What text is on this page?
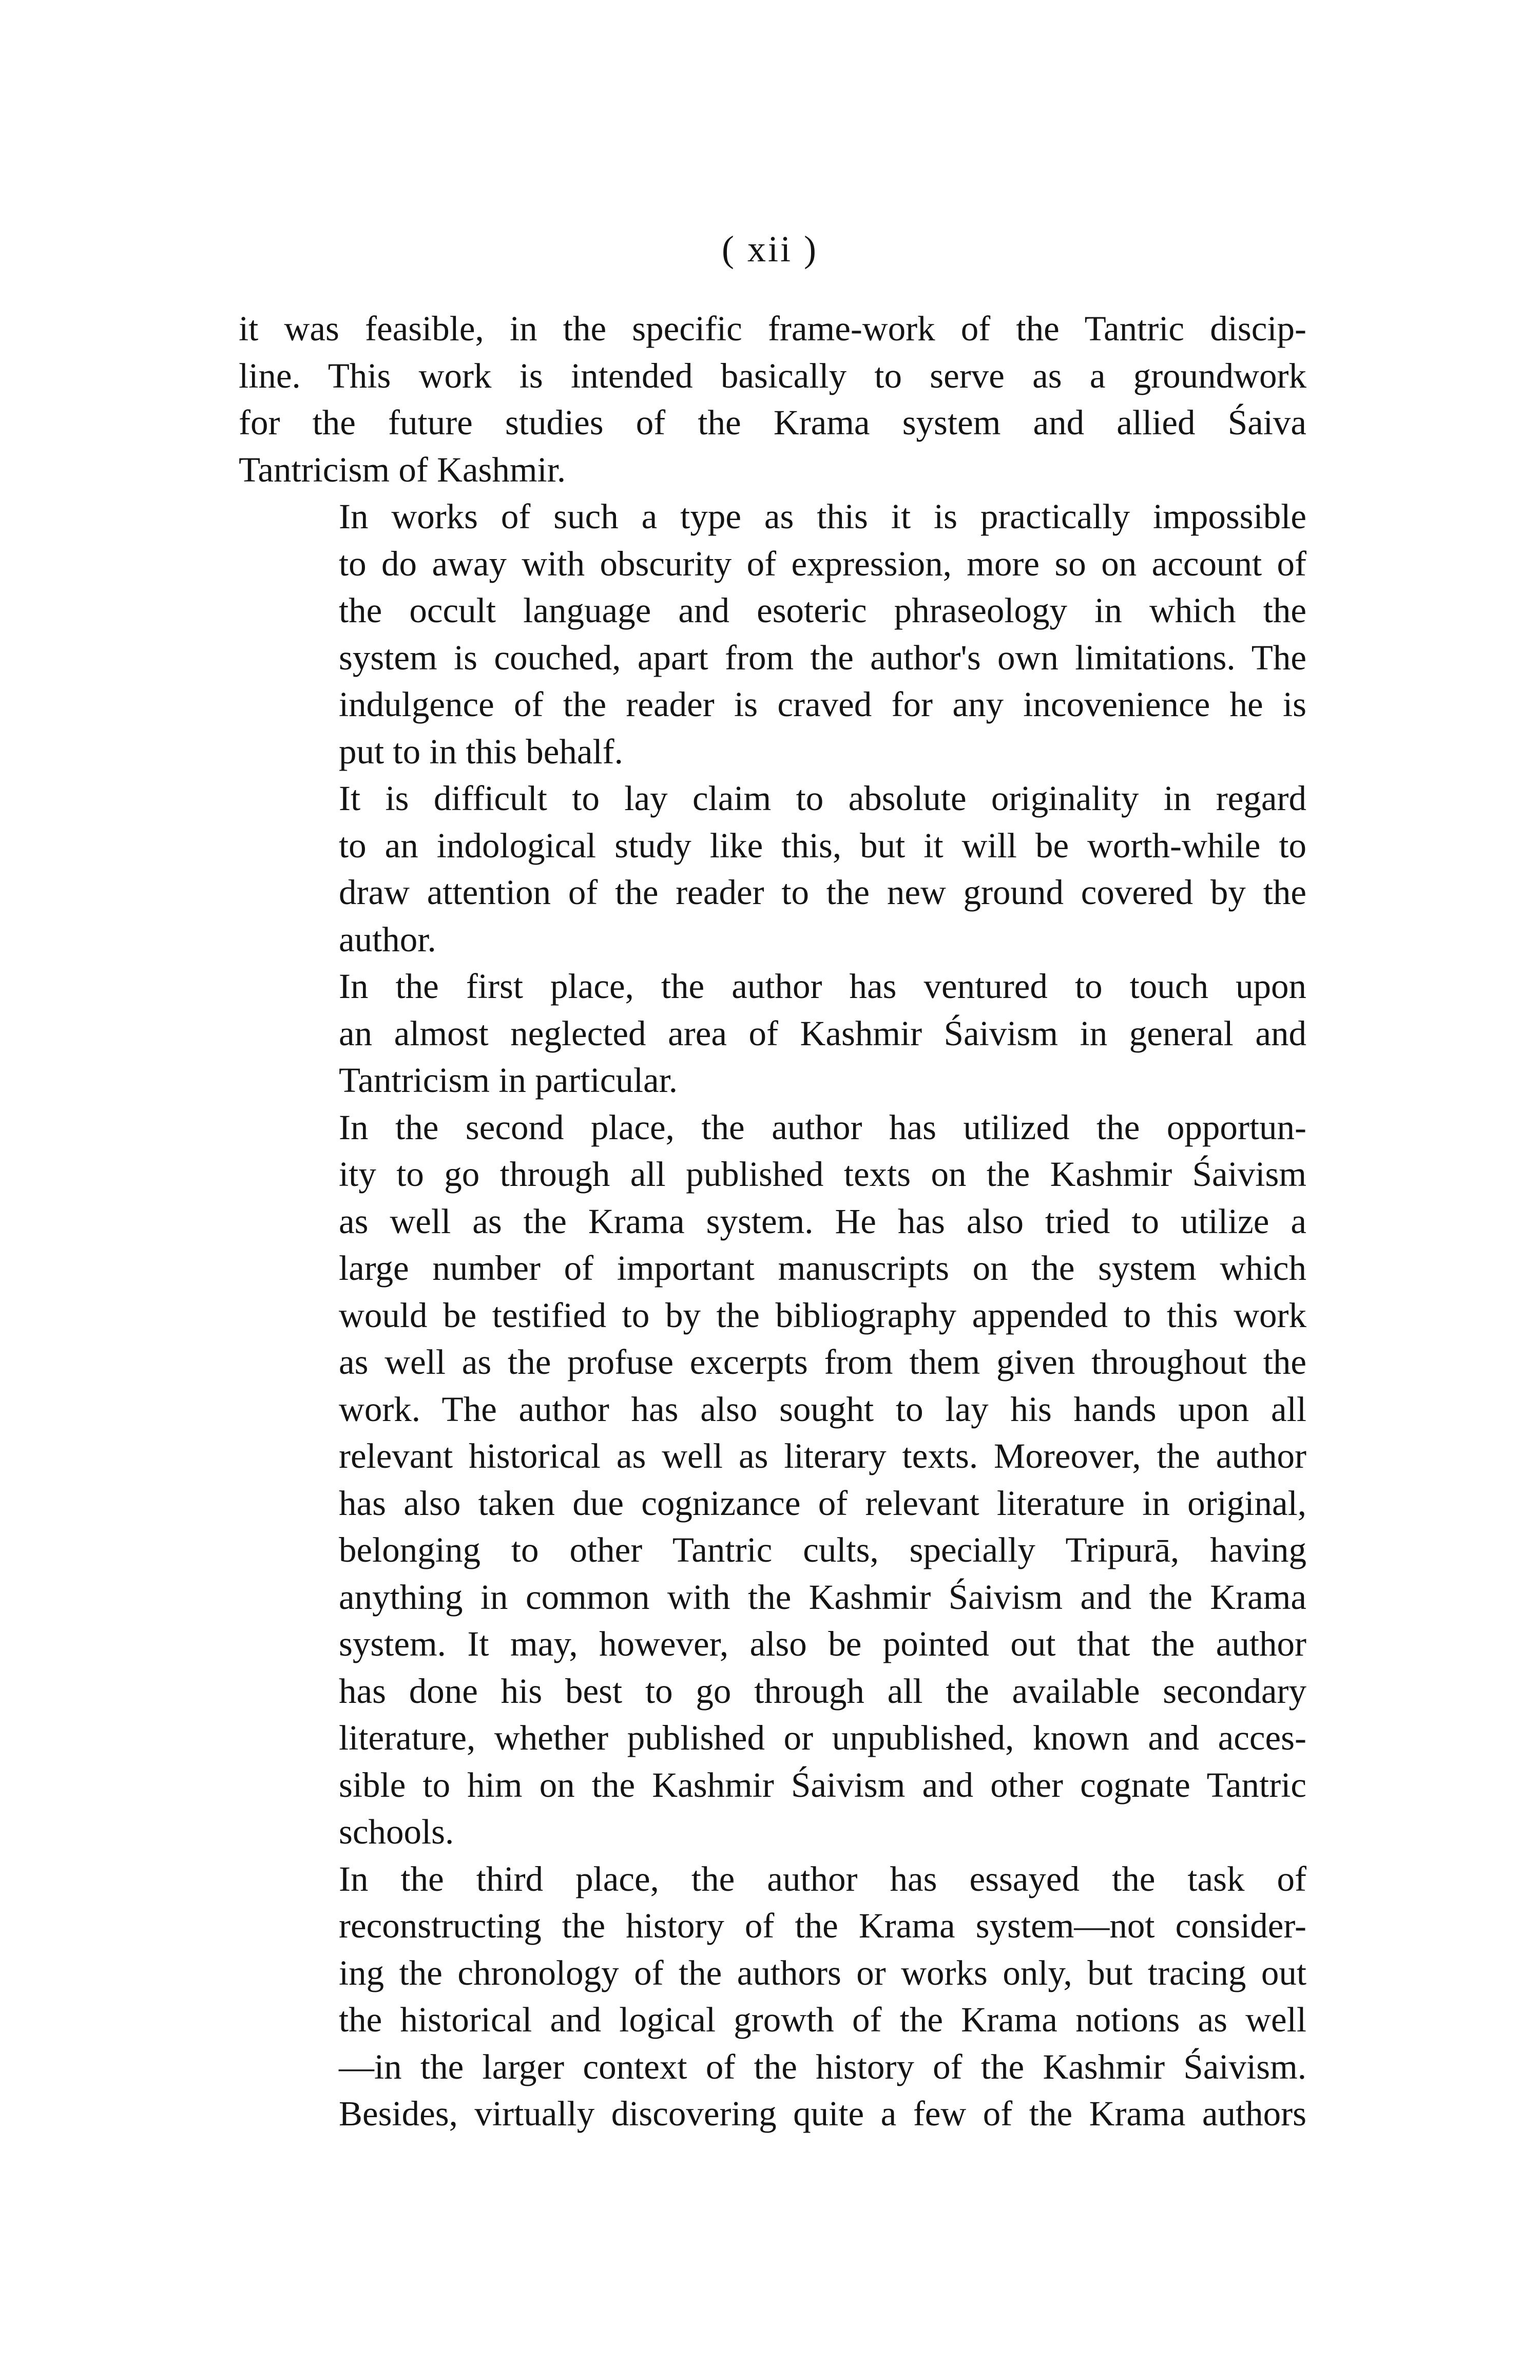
( xii )
it was feasible, in the specific frame-work of the Tantric discip-
line. This work is intended basically to serve as a groundwork
for the future studies of the Krama system and allied Śaiva
Tantricism of Kashmir.
In works of such a type as this it is practically impossible
to do away with obscurity of expression, more so on account of
the occult language and esoteric phraseology in which the
system is couched, apart from the author's own limitations. The
indulgence of the reader is craved for any incovenience he is
put to in this behalf.
It is difficult to lay claim to absolute originality in regard
to an indological study like this, but it will be worth-while to
draw attention of the reader to the new ground covered by the
author.
In the first place, the author has ventured to touch upon
an almost neglected area of Kashmir Śaivism in general and
Tantricism in particular.
In the second place, the author has utilized the opportun-
ity to go through all published texts on the Kashmir Śaivism
as well as the Krama system. He has also tried to utilize a
large number of important manuscripts on the system which
would be testified to by the bibliography appended to this work
as well as the profuse excerpts from them given throughout the
work. The author has also sought to lay his hands upon all
relevant historical as well as literary texts. Moreover, the author
has also taken due cognizance of relevant literature in original,
belonging to other Tantric cults, specially Tripurā, having
anything in common with the Kashmir Śaivism and the Krama
system. It may, however, also be pointed out that the author
has done his best to go through all the available secondary
literature, whether published or unpublished, known and acces-
sible to him on the Kashmir Śaivism and other cognate Tantric
schools.
In the third place, the author has essayed the task of
reconstructing the history of the Krama system—not consider-
ing the chronology of the authors or works only, but tracing out
the historical and logical growth of the Krama notions as well
—in the larger context of the history of the Kashmir Śaivism.
Besides, virtually discovering quite a few of the Krama authors
